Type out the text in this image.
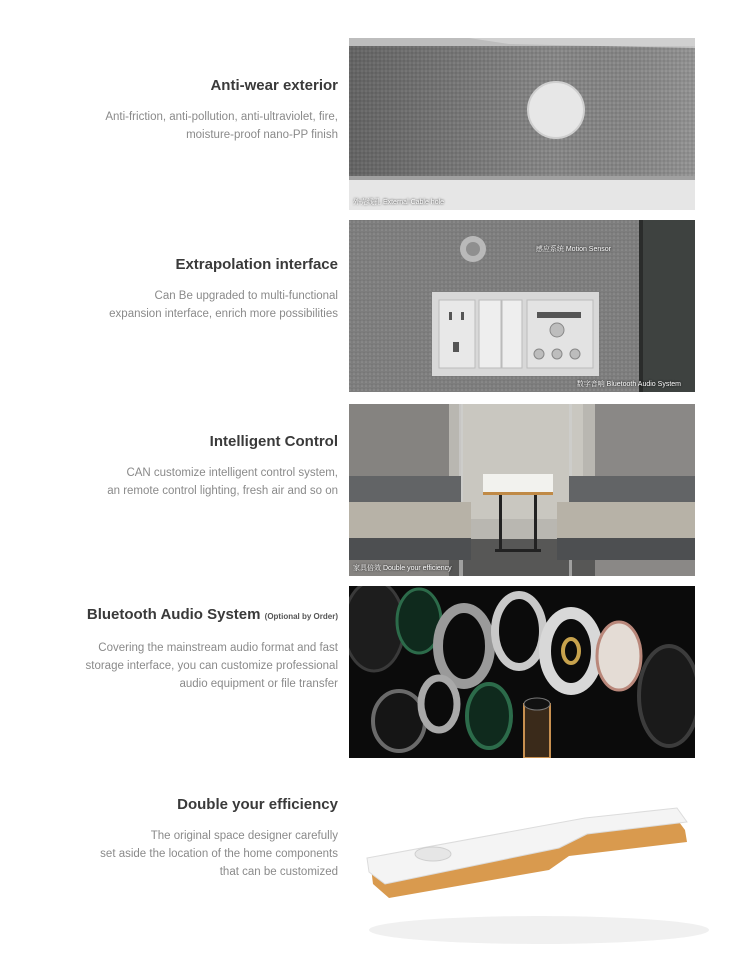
Anti-wear exterior

Anti-friction, anti-pollution, anti-ultraviolet, fire,
moisture-proof nano-PP finish

外壳线孔 External Cable hole
Extrapolation interface

Can Be upgraded to multi-functional
expansion interface, enrich more possibilities

感应系统 Motion Sensor
数字音响 Bluetooth Audio System
Intelligent Control

CAN customize intelligent control system,
an remote control lighting, fresh air and so on

家具倍效 Double your efficiency
Bluetooth Audio System (Optional by Order)

Covering the mainstream audio format and fast
storage interface, you can customize professional
audio equipment or file transfer

Double your efficiency

The original space designer carefully
set aside the location of the home components
that can be customized
